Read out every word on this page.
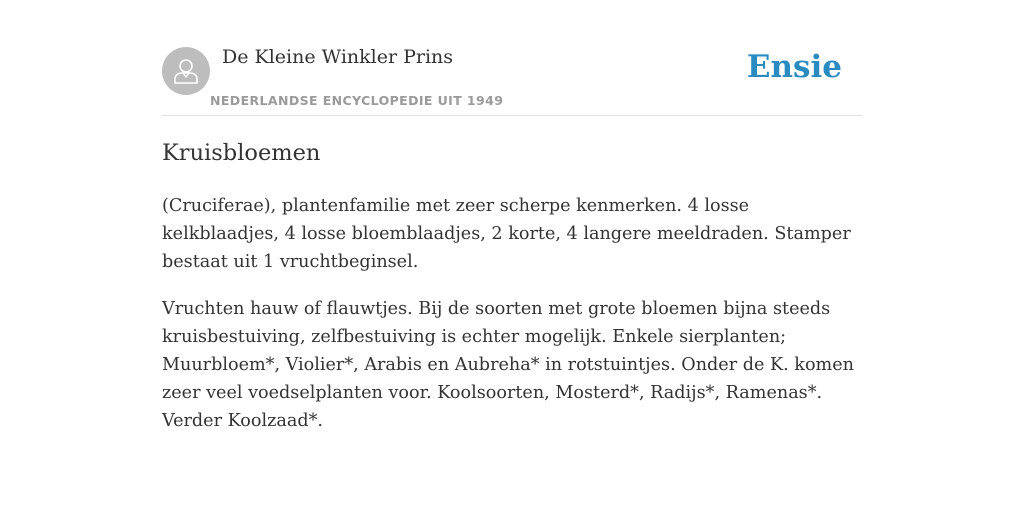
De Kleine Winkler Prins
NEDERLANDSE ENCYCLOPEDIE UIT 1949
Ensie
Kruisbloemen

(Cruciferae), plantenfamilie met zeer scherpe kenmerken. 4 losse kelkblaadjes, 4 losse bloemblaadjes, 2 korte, 4 langere meeldraden. Stamper bestaat uit 1 vruchtbeginsel.

Vruchten hauw of flauwtjes. Bij de soorten met grote bloemen bijna steeds kruisbestuiving, zelfbestuiving is echter mogelijk. Enkele sierplanten; Muurbloem*, Violier*, Arabis en Aubreha* in rotstuintjes. Onder de K. komen zeer veel voedselplanten voor. Koolsoorten, Mosterd*, Radijs*, Ramenas*. Verder Koolzaad*.
